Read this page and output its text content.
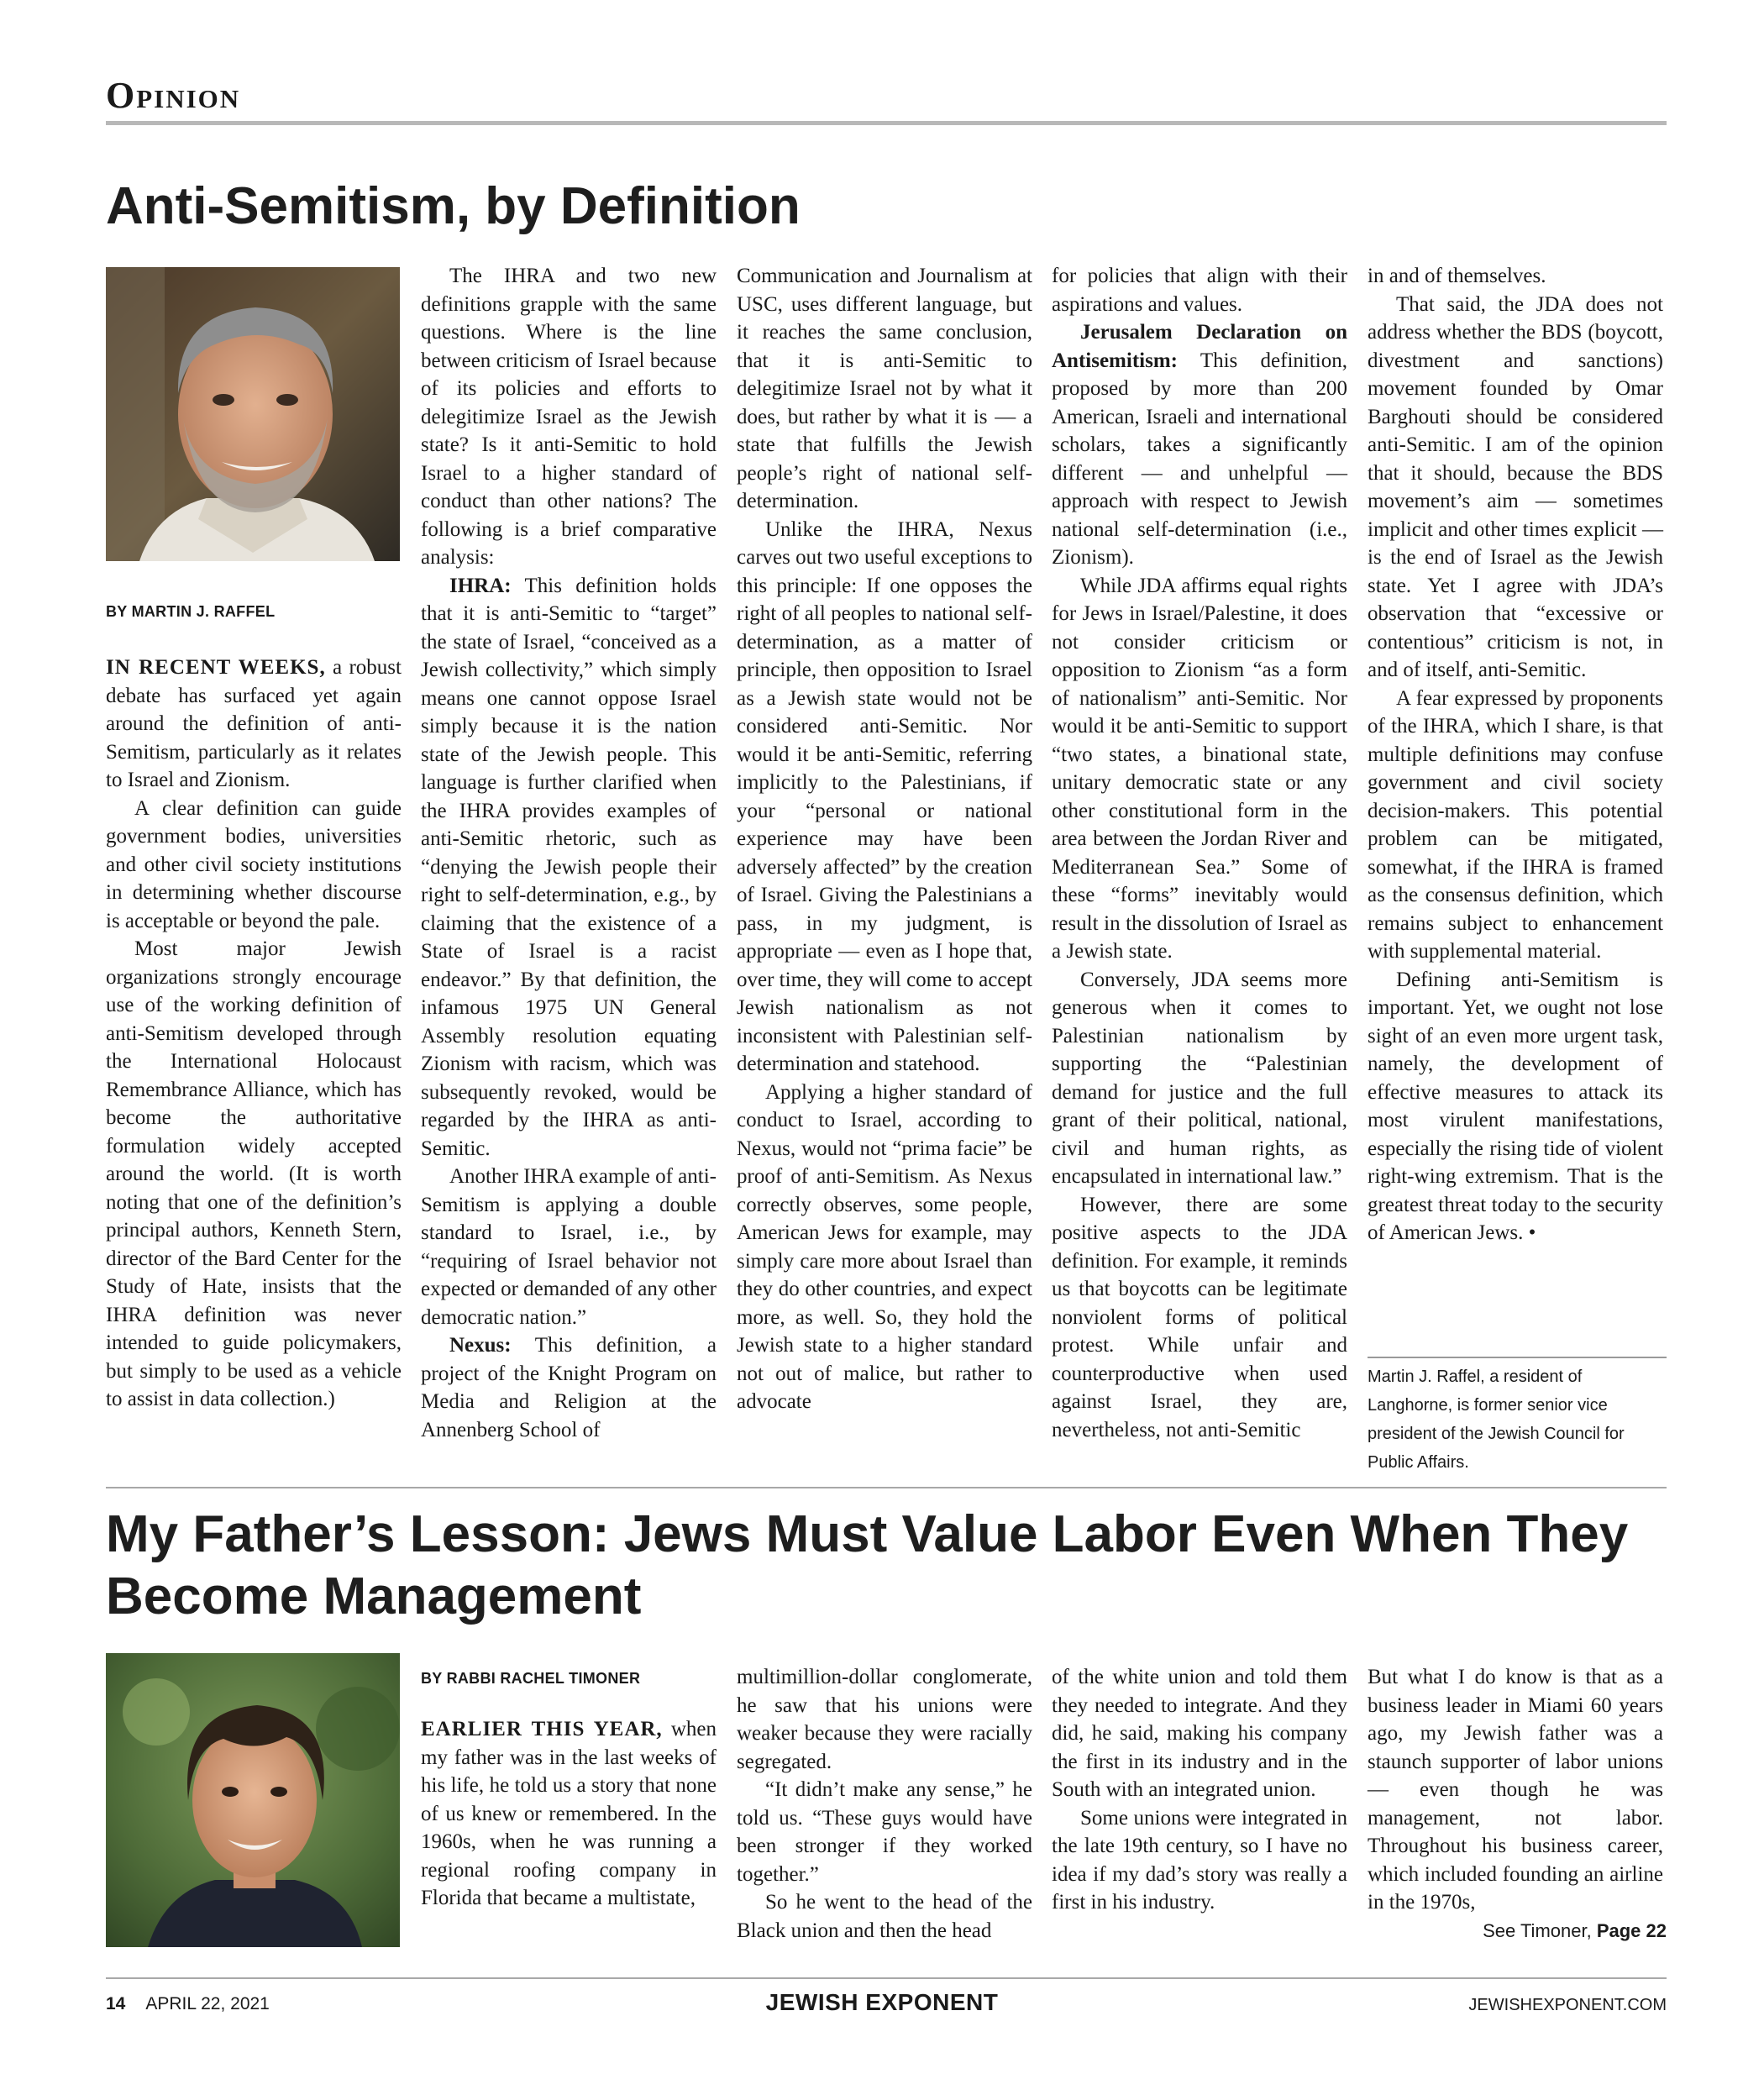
Opinion
Anti-Semitism, by Definition
BY MARTIN J. RAFFEL

IN RECENT WEEKS, a robust debate has surfaced yet again around the definition of anti-Semitism, particularly as it relates to Israel and Zionism.

A clear definition can guide government bodies, universities and other civil society institutions in determining whether discourse is acceptable or beyond the pale.

Most major Jewish organizations strongly encourage use of the working definition of anti-Semitism developed through the International Holocaust Remembrance Alliance, which has become the authoritative formulation widely accepted around the world. (It is worth noting that one of the definition’s principal authors, Kenneth Stern, director of the Bard Center for the Study of Hate, insists that the IHRA definition was never intended to guide policymakers, but simply to be used as a vehicle to assist in data collection.)

The IHRA and two new definitions grapple with the same questions. Where is the line between criticism of Israel because of its policies and efforts to delegitimize Israel as the Jewish state? Is it anti-Semitic to hold Israel to a higher standard of conduct than other nations? The following is a brief comparative analysis:

IHRA: This definition holds that it is anti-Semitic to “target” the state of Israel, “conceived as a Jewish collectivity,” which simply means one cannot oppose Israel simply because it is the nation state of the Jewish people. This language is further clarified when the IHRA provides examples of anti-Semitic rhetoric, such as “denying the Jewish people their right to self-determination, e.g., by claiming that the existence of a State of Israel is a racist endeavor.” By that definition, the infamous 1975 UN General Assembly resolution equating Zionism with racism, which was subsequently revoked, would be regarded by the IHRA as anti-Semitic.

Another IHRA example of anti-Semitism is applying a double standard to Israel, i.e., by “requiring of Israel behavior not expected or demanded of any other democratic nation.”

Nexus: This definition, a project of the Knight Program on Media and Religion at the Annenberg School of

Communication and Journalism at USC, uses different language, but it reaches the same conclusion, that it is anti-Semitic to delegitimize Israel not by what it does, but rather by what it is — a state that fulfills the Jewish people’s right of national self-determination.

Unlike the IHRA, Nexus carves out two useful exceptions to this principle: If one opposes the right of all peoples to national self-determination, as a matter of principle, then opposition to Israel as a Jewish state would not be considered anti-Semitic. Nor would it be anti-Semitic, referring implicitly to the Palestinians, if your “personal or national experience may have been adversely affected” by the creation of Israel. Giving the Palestinians a pass, in my judgment, is appropriate — even as I hope that, over time, they will come to accept Jewish nationalism as not inconsistent with Palestinian self-determination and statehood.

Applying a higher standard of conduct to Israel, according to Nexus, would not “prima facie” be proof of anti-Semitism. As Nexus correctly observes, some people, American Jews for example, may simply care more about Israel than they do other countries, and expect more, as well. So, they hold the Jewish state to a higher standard not out of malice, but rather to advocate

for policies that align with their aspirations and values.

Jerusalem Declaration on Antisemitism: This definition, proposed by more than 200 American, Israeli and international scholars, takes a significantly different — and unhelpful — approach with respect to Jewish national self-determination (i.e., Zionism).

While JDA affirms equal rights for Jews in Israel/Palestine, it does not consider criticism or opposition to Zionism “as a form of nationalism” anti-Semitic. Nor would it be anti-Semitic to support “two states, a binational state, unitary democratic state or any other constitutional form in the area between the Jordan River and Mediterranean Sea.” Some of these “forms” inevitably would result in the dissolution of Israel as a Jewish state.

Conversely, JDA seems more generous when it comes to Palestinian nationalism by supporting the “Palestinian demand for justice and the full grant of their political, national, civil and human rights, as encapsulated in international law.”

However, there are some positive aspects to the JDA definition. For example, it reminds us that boycotts can be legitimate nonviolent forms of political protest. While unfair and counterproductive when used against Israel, they are, nevertheless, not anti-Semitic

in and of themselves.

That said, the JDA does not address whether the BDS (boycott, divestment and sanctions) movement founded by Omar Barghouti should be considered anti-Semitic. I am of the opinion that it should, because the BDS movement’s aim — sometimes implicit and other times explicit — is the end of Israel as the Jewish state. Yet I agree with JDA’s observation that “excessive or contentious” criticism is not, in and of itself, anti-Semitic.

A fear expressed by proponents of the IHRA, which I share, is that multiple definitions may confuse government and civil society decision-makers. This potential problem can be mitigated, somewhat, if the IHRA is framed as the consensus definition, which remains subject to enhancement with supplemental material.

Defining anti-Semitism is important. Yet, we ought not lose sight of an even more urgent task, namely, the development of effective measures to attack its most virulent manifestations, especially the rising tide of violent right-wing extremism. That is the greatest threat today to the security of American Jews. •

Martin J. Raffel, a resident of Langhorne, is former senior vice president of the Jewish Council for Public Affairs.
My Father’s Lesson: Jews Must Value Labor Even When They Become Management
BY RABBI RACHEL TIMONER

EARLIER THIS YEAR, when my father was in the last weeks of his life, he told us a story that none of us knew or remembered. In the 1960s, when he was running a regional roofing company in Florida that became a multistate,

multimillion-dollar conglomerate, he saw that his unions were weaker because they were racially segregated.

“It didn’t make any sense,” he told us. “These guys would have been stronger if they worked together.”

So he went to the head of the Black union and then the head

of the white union and told them they needed to integrate. And they did, he said, making his company the first in its industry and in the South with an integrated union.

Some unions were integrated in the late 19th century, so I have no idea if my dad’s story was really a first in his industry.

But what I do know is that as a business leader in Miami 60 years ago, my Jewish father was a staunch supporter of labor unions — even though he was management, not labor. Throughout his business career, which included founding an airline in the 1970s,

See Timoner, Page 22
14 APRIL 22, 2021	JEWISH EXPONENT	JEWISHEXPONENT.COM
